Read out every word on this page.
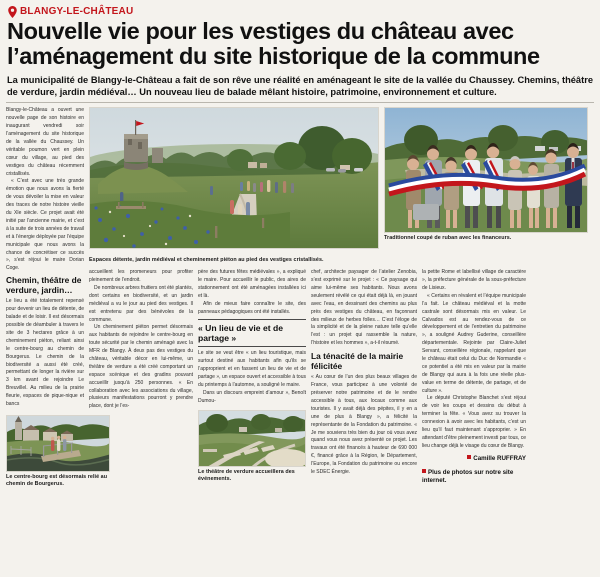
BLANGY-LE-CHÂTEAU
Nouvelle vie pour les vestiges du château avec
l’aménagement du site historique de la commune
La municipalité de Blangy-le-Château a fait de son rêve une réalité en aménageant le site de la vallée du Chaussey. Chemins, théâtre de verdure, jardin médiéval… Un nouveau lieu de balade mêlant histoire, patrimoine, environnement et culture.

Blangy-le-Château a ouvert une nouvelle page de son histoire en inaugurant vendredi soir l’aménagement du site historique de la vallée du Chaussey. Un véritable poumon vert en plein cœur du village, au pied des vestiges du château récemment cristallisés.

« C’est avec une très grande émotion que nous avons la fierté de vous dévoiler la mise en valeur des traces de notre histoire vieille du XIe siècle. Ce projet avait été initié par l’ancienne mairie, et c’est à la suite de trois années de travail et à l’énergie déployée par l’équipe municipale que nous avons la chance de concrétiser ce succès », s’est réjoui le maire Dorian Coge.

Traditionnel coupé de ruban avec les financeurs.
Espaces détente, jardin médiéval et cheminement piéton au pied des vestiges cristallisés.
Chemin, théâtre de verdure, jardin…

Le lieu a été totalement repensé pour devenir un lieu de détente, de balade et de loisir. Il est désormais possible de déambuler à travers le site de 3 hectares grâce à un cheminement piéton, reliant ainsi le centre-bourg au chemin de Bourgerus. Le chemin de la biodiversité a aussi été créé, permettant de longer la rivière sur 3 km avant de rejoindre Le Breuvillel. Au milieu de la prairie fleurie, espaces de pique-nique et bancs

Le centre-bourg est désormais relié au chemin de Bourgerus.

accueillent les promeneurs pour profiter pleinement de l’endroit.

De nombreux arbres fruitiers ont été plantés, dont certains en biodiversité, et un jardin médiéval a vu le jour au pied des vestiges. Il est entretenu par des bénévoles de la commune.

Un cheminement piéton permet désormais aux habitants de rejoindre le centre-bourg en toute sécurité par le chemin aménagé avec la MFR de Blangy. À deux pas des vestiges du château, véritable décor en lui-même, un théâtre de verdure a été créé comportant un espace scénique et des gradins pouvant accueillir jusqu’à 250 personnes. « En collaboration avec les associations du village, plusieurs manifestations pourront y prendre place, dont je l’es-

père des futures fêtes médiévales », a expliqué le maire. Pour accueillir le public, des aires de stationnement ont été aménagées installées ici et là.

Afin de mieux faire connaître le site, des panneaux pédagogiques ont été installés.

« Un lieu de vie et de partage »

Le site se veut être « un lieu touristique, mais surtout destiné aux habitants afin qu’ils se l’approprient et en fassent un lieu de vie et de partage », un espace ouvert et accessible à tous du printemps à l’automne, a souligné le maire.

Dans un discours empreint d’amour », Benoît Dumou-

Le théâtre de verdure accueillera des événements.

chef, architecte paysager de l’atelier Zenobia, s’est exprimé sur le projet : « Ce paysage qui aime lui-même ses habitants. Nous avons seulement révélé ce qui était déjà là, en jouant avec l’eau, en dessinant des chemins au plus près des vestiges du château, en façonnant des milieux de herbes folles… C’est l’éloge de la simplicité et de la pleine nature telle qu’elle l’est : un projet qui rassemble la nature, l’histoire et les hommes », a-t-il résumé.

La ténacité de la mairie félicitée

« Au cœur de l’un des plus beaux villages de France, vous participez à une volonté de préserver notre patrimoine et de le rendre accessible à tous, aux locaux comme aux touristes. Il y avait déjà des pépites, il y en a une de plus à Blangy », a félicité la représentante de la Fondation du patrimoine. « Je me souviens très bien du jour où vous avez quand vous nous avez présenté ce projet. Les travaux ont été financés à hauteur de 690 000 €, financé grâce à la Région, le Département, l’Europe, la Fondation du patrimoine ou encore le SDEC Énergie.

la petite Rome et labellisé village de caractère », la préfecture générale de la sous-préfecture de Lisieux.

« Certains en révalent et l’équipe municipale l’a fait. Le château médiéval et la motte castrale sont désormais mis en valeur. Le Calvados est au rendez-vous de ce développement et de l’entretien du patrimoine », a souligné Audrey Guderine, conseillère départementale. Rejointe par Claire-Juliet Servant, conseillère régionale, rappelant que le château était celui du Duc de Normandie « ce potentiel a été mis en valeur par la mairie de Blangy qui aura à la fois une réelle plus-value en terme de détente, de partage, et de culture ».

Le député Christophe Blanchet s’est réjoui de voir les coups et dessins du début à terminer la fête. « Vous avez su trouver la connexion à avoir avec les habitants, c’est un lieu qu’il faut maintenant s’approprier. » En attendant d’être pleinement investi par tous, ce lieu change déjà le visage du cœur de Blangy.

Camille RUFFRAY
Plus de photos sur notre site internet.
